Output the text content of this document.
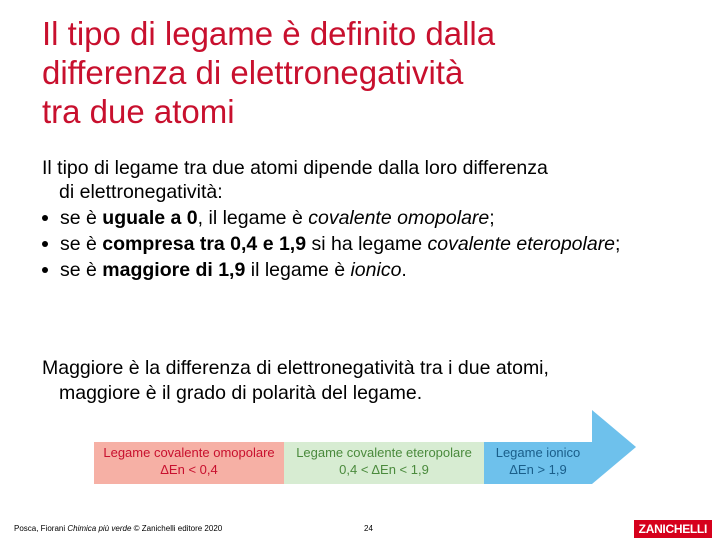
Il tipo di legame è definito dalla
differenza di elettronegatività
tra due atomi
Il tipo di legame tra due atomi dipende dalla loro differenza
di elettronegatività:
se è uguale a 0, il legame è covalente omopolare;
se è compresa tra 0,4 e 1,9 si ha legame covalente eteropolare;
se è maggiore di 1,9 il legame è ionico.
Maggiore è la differenza di elettronegatività tra i due atomi,
maggiore è il grado di polarità del legame.
Legame covalente omopolare
ΔEn < 0,4
Legame covalente eteropolare
0,4 < ΔEn < 1,9
Legame ionico
ΔEn > 1,9
Posca, Fiorani Chimica più verde © Zanichelli editore 2020	24	ZANICHELLI
